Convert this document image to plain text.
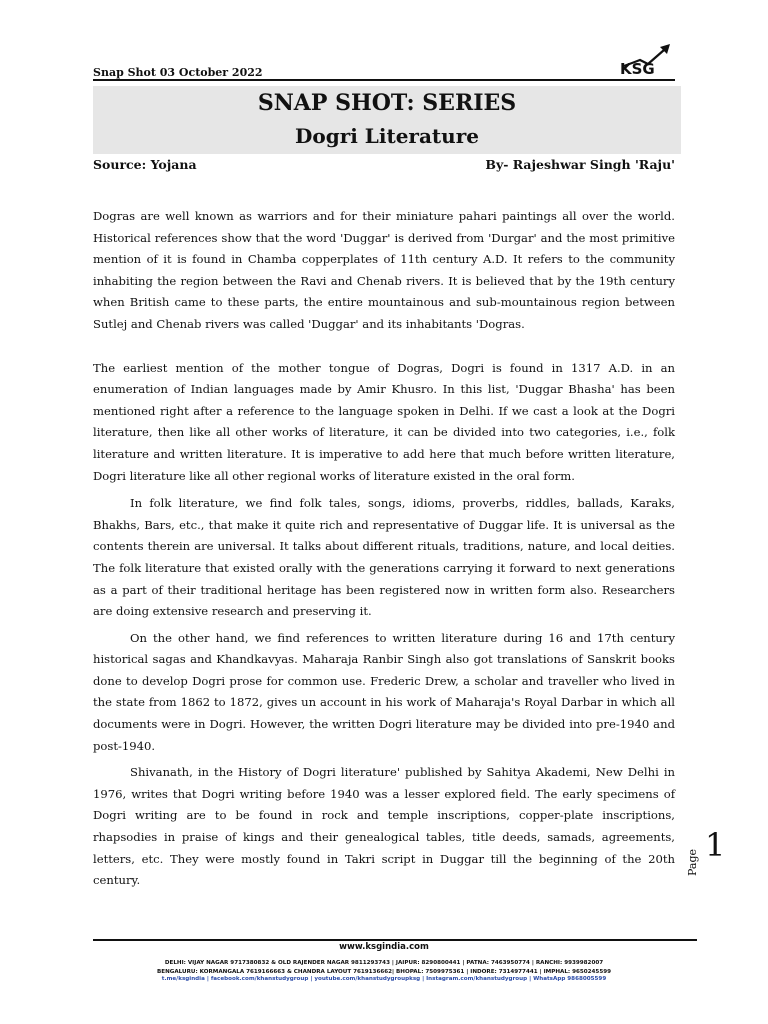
Snap Shot 03 October 2022	KSG
SNAP SHOT: SERIES
Dogri Literature
Source: Yojana	By- Rajeshwar Singh 'Raju'

Dogras are well known as warriors and for their miniature pahari paintings all over the world. Historical references show that the word 'Duggar' is derived from 'Durgar' and the most primitive mention of it is found in Chamba copperplates of 11th century A.D. It refers to the community inhabiting the region between the Ravi and Chenab rivers. It is believed that by the 19th century when British came to these parts, the entire mountainous and sub-mountainous region between Sutlej and Chenab rivers was called 'Duggar' and its inhabitants 'Dogras.

The earliest mention of the mother tongue of Dogras, Dogri is found in 1317 A.D. in an enumeration of Indian languages made by Amir Khusro. In this list, 'Duggar Bhasha' has been mentioned right after a reference to the language spoken in Delhi. If we cast a look at the Dogri literature, then like all other works of literature, it can be divided into two categories, i.e., folk literature and written literature. It is imperative to add here that much before written literature, Dogri literature like all other regional works of literature existed in the oral form.

In folk literature, we find folk tales, songs, idioms, proverbs, riddles, ballads, Karaks, Bhakhs, Bars, etc., that make it quite rich and representative of Duggar life. It is universal as the contents therein are universal. It talks about different rituals, traditions, nature, and local deities. The folk literature that existed orally with the generations carrying it forward to next generations as a part of their traditional heritage has been registered now in written form also. Researchers are doing extensive research and preserving it.

On the other hand, we find references to written literature during 16 and 17th century historical sagas and Khandkavyas. Maharaja Ranbir Singh also got translations of Sanskrit books done to develop Dogri prose for common use. Frederic Drew, a scholar and traveller who lived in the state from 1862 to 1872, gives un account in his work of Maharaja's Royal Darbar in which all documents were in Dogri. However, the written Dogri literature may be divided into pre-1940 and post-1940.

Shivanath, in the History of Dogri literature' published by Sahitya Akademi, New Delhi in 1976, writes that Dogri writing before 1940 was a lesser explored field. The early specimens of Dogri writing are to be found in rock and temple inscriptions, copper-plate inscriptions, rhapsodies in praise of kings and their genealogical tables, title deeds, samads, agreements, letters, etc. They were mostly found in Takri script in Duggar till the beginning of the 20th century.

Page 1
www.ksgindia.com
DELHI: VIJAY NAGAR 9717380832 & OLD RAJENDER NAGAR 9811293743 | JAIPUR: 8290800441 | PATNA: 7463950774 | RANCHI: 9939982007
BENGALURU: KORMANGALA 7619166663 & CHANDRA LAYOUT 7619136662| BHOPAL: 7509975361 | INDORE: 7314977441 | IMPHAL: 9650245599
t.me/ksgindia | facebook.com/khanstudygroup | youtube.com/khanstudygroupksg | Instagram.com/khanstudygroup | WhatsApp 9868005599
